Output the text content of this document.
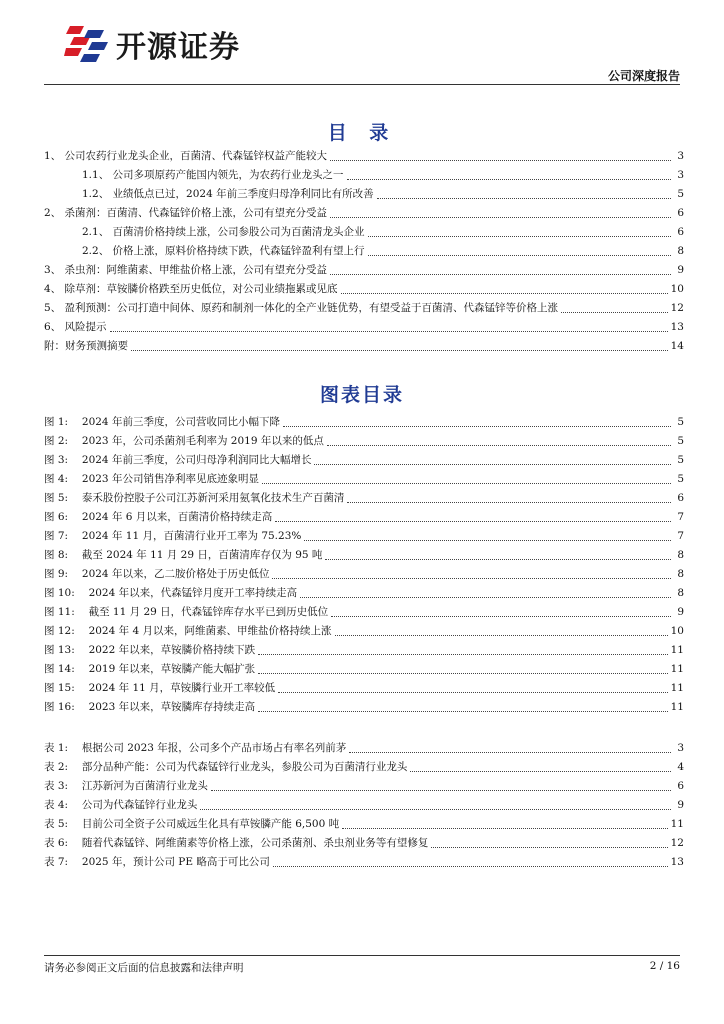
开源证券
公司深度报告
目 录
1、 公司农药行业龙头企业，百菌清、代森锰锌权益产能较大	3
1.1、 公司多项原药产能国内领先，为农药行业龙头之一	3
1.2、 业绩低点已过，2024 年前三季度归母净利同比有所改善	5
2、 杀菌剂：百菌清、代森锰锌价格上涨，公司有望充分受益	6
2.1、 百菌清价格持续上涨，公司参股公司为百菌清龙头企业	6
2.2、 价格上涨，原料价格持续下跌，代森锰锌盈利有望上行	8
3、 杀虫剂：阿维菌素、甲维盐价格上涨，公司有望充分受益	9
4、 除草剂：草铵膦价格跌至历史低位，对公司业绩拖累或见底	10
5、 盈利预测：公司打造中间体、原药和制剂一体化的全产业链优势，有望受益于百菌清、代森锰锌等价格上涨	12
6、 风险提示	13
附：财务预测摘要	14
图表目录
图 1:　 2024 年前三季度，公司营收同比小幅下降	5
图 2:　 2023 年，公司杀菌剂毛利率为 2019 年以来的低点	5
图 3:　 2024 年前三季度，公司归母净利润同比大幅增长	5
图 4:　 2023 年公司销售净利率见底迹象明显	5
图 5:　 泰禾股份控股子公司江苏新河采用氨氧化技术生产百菌清	6
图 6:　 2024 年 6 月以来，百菌清价格持续走高	7
图 7:　 2024 年 11 月，百菌清行业开工率为 75.23%	7
图 8:　 截至 2024 年 11 月 29 日，百菌清库存仅为 95 吨	8
图 9:　 2024 年以来，乙二胺价格处于历史低位	8
图 10:　 2024 年以来，代森锰锌月度开工率持续走高	8
图 11:　 截至 11 月 29 日，代森锰锌库存水平已到历史低位	9
图 12:　 2024 年 4 月以来，阿维菌素、甲维盐价格持续上涨	10
图 13:　 2022 年以来，草铵膦价格持续下跌	11
图 14:　 2019 年以来，草铵膦产能大幅扩张	11
图 15:　 2024 年 11 月，草铵膦行业开工率较低	11
图 16:　 2023 年以来，草铵膦库存持续走高	11
表 1:　 根据公司 2023 年报，公司多个产品市场占有率名列前茅	3
表 2:　 部分品种产能：公司为代森锰锌行业龙头，参股公司为百菌清行业龙头	4
表 3:　 江苏新河为百菌清行业龙头	6
表 4:　 公司为代森锰锌行业龙头	9
表 5:　 目前公司全资子公司威远生化具有草铵膦产能 6,500 吨	11
表 6:　 随着代森锰锌、阿维菌素等价格上涨，公司杀菌剂、杀虫剂业务等有望修复	12
表 7:　 2025 年，预计公司 PE 略高于可比公司	13
请务必参阅正文后面的信息披露和法律声明	2 / 16
